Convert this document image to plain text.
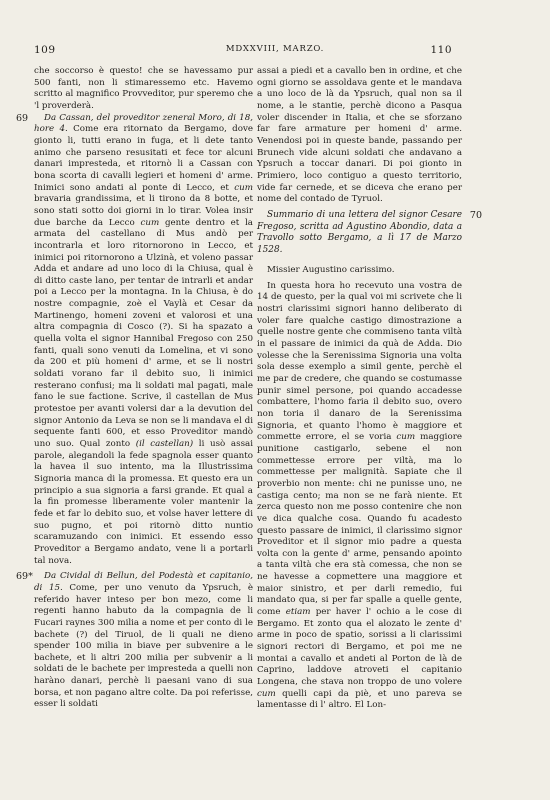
109	MDXXVIII, MARZO.	110

che soccorso è questo! che se havessamo pur 500 fanti, non li stimaressemo etc. Havemo scritto al magnifico Provveditor, pur speremo che 'l proverderà.

69	Da Cassan, del proveditor zeneral Moro, di 18, hore 4. Come era ritornato da Bergamo, dove gionto li, tutti erano in fuga, et li dete tanto animo che parseno resusitati et fece tor alcuni danari impresteda, et ritornò li a Cassan con bona scorta di cavalli legieri et homeni d' arme. Inimici sono andati al ponte di Lecco, et cum bravaria grandissima, et li tirono da 8 botte, et sono stati sotto doi giorni in lo tirar. Volea insir due barche da Lecco cum gente dentro et la armata del castellano di Mus andò per incontrarla et loro ritornorono in Lecco, et inimici poi ritornorono a Ulzinà, et voleno passar Adda et andare ad uno loco di la Chiusa, qual è di ditto caste lano, per tentar de intrarli et andar poi a Lecco per la montagna. In la Chiusa, è do nostre compagnie, zoè el Vaylà et Cesar da Martinengo, homeni zoveni et valorosi et una altra compagnia di Cosco (?). Si ha spazato a quella volta el signor Hannibal Fregoso con 250 fanti, quali sono venuti da Lomelina, et vi sono da 200 et più homeni d' arme, et se li nostri soldati vorano far il debito suo, li inimici resterano confusi; ma li soldati mal pagati, male fano le sue factione. Scrive, il castellan de Mus protestoe per avanti volersi dar a la devution del signor Antonio da Leva se non se li mandava el di sequente fanti 600, et esso Proveditor mandò uno suo. Qual zonto (il castellan) li usò assai parole, alegandoli la fede spagnola esser quanto la havea il suo intento, ma la Illustrissima Signoria manca di la promessa. Et questo era un principio a sua signoria a farsi grande. Et qual a la fin promesse liberamente voler mantenir la fede et far lo debito suo, et volse haver lettere di suo pugno, et poi ritornò ditto nuntio scaramuzando con inimici. Et essendo esso Proveditor a Bergamo andato, vene li a portarli tal nova.

69*	Da Cividal di Bellun, del Podestà et capitanio, di 15. Come, per uno venuto da Ypsruch, è referido haver inteso per bon mezo, come li regenti hanno habuto da la compagnia de li Fucari raynes 300 milia a nome et per conto di le bachete (?) del Tiruol, de li quali ne dieno spender 100 milia in biave per subvenire a le bachete, et li altri 200 milia per subvenir a li soldati de le bachete per impresteda a quelli non haràno danari, perchè li paesani vano di sua borsa, et non pagano altre colte. Da poi referisse, esser li soldati

assai a piedi et a cavallo ben in ordine, et che ogni giorno se assoldava gente et le mandava a uno loco de là da Ypsruch, qual non sa il nome, a le stantie, perchè dicono a Pasqua voler discender in Italia, et che se sforzano far fare armature per homeni d' arme. Venendosi poi in queste bande, passando per Brunech vide alcuni soldati che andavano a Ypsruch a toccar danari. Di poi gionto in Primiero, loco contiguo a questo territorio, vide far cernede, et se diceva che erano per nome del contado de Tyruol.

70

Summario di una lettera del signor Cesare Fregoso, scritta ad Agustino Abondio, data a Travollo sotto Bergamo, a lì 17 de Marzo 1528.

Missier Augustino carissimo.

In questa hora ho recevuto una vostra de 14 de questo, per la qual voi mi scrivete che li nostri clarissimi signori hanno deliberato di voler fare qualche castigo dimostrazione a quelle nostre gente che commiseno tanta viltà in el passare de inimici da quà de Adda. Dio volesse che la Serenissima Signoria una volta sola desse exemplo a simil gente, perchè el me par de credere, che quando se costumasse punir simel persone, poi quando accadesse combattere, l'homo faria il debito suo, overo non toria il danaro de la Serenissima Signoria, et quanto l'homo è maggiore et commette errore, el se voria cum maggiore punitione castigarlo, sebene el non commettesse errore per viltà, ma lo commettesse per malignità. Sapiate che il proverbio non mente: chi ne punisse uno, ne castiga cento; ma non se ne farà niente. Et zerca questo non me posso contenire che non ve dica qualche cosa. Quando fu acadesto questo passare de inimici, il clarissimo signor Proveditor et il signor mio padre a questa volta con la gente d' arme, pensando apointo a tanta viltà che era stà comessa, che non se ne havesse a copmettere una maggiore et maior sinistro, et per darli remedio, fui mandato qua, si per far spalle a quelle gente, come etiam per haver l' ochio a le cose di Bergamo. Et zonto qua el alozato le zente d' arme in poco de spatio, sorissi a li clarissimi signori rectori di Bergamo, et poi me ne montai a cavallo et andeti al Porton de là de Caprino, laddove atroveti el capitanio Longena, che stava non troppo de uno volere cum quelli capi da piè, et uno pareva se lamentasse di l' altro. El Lon-
